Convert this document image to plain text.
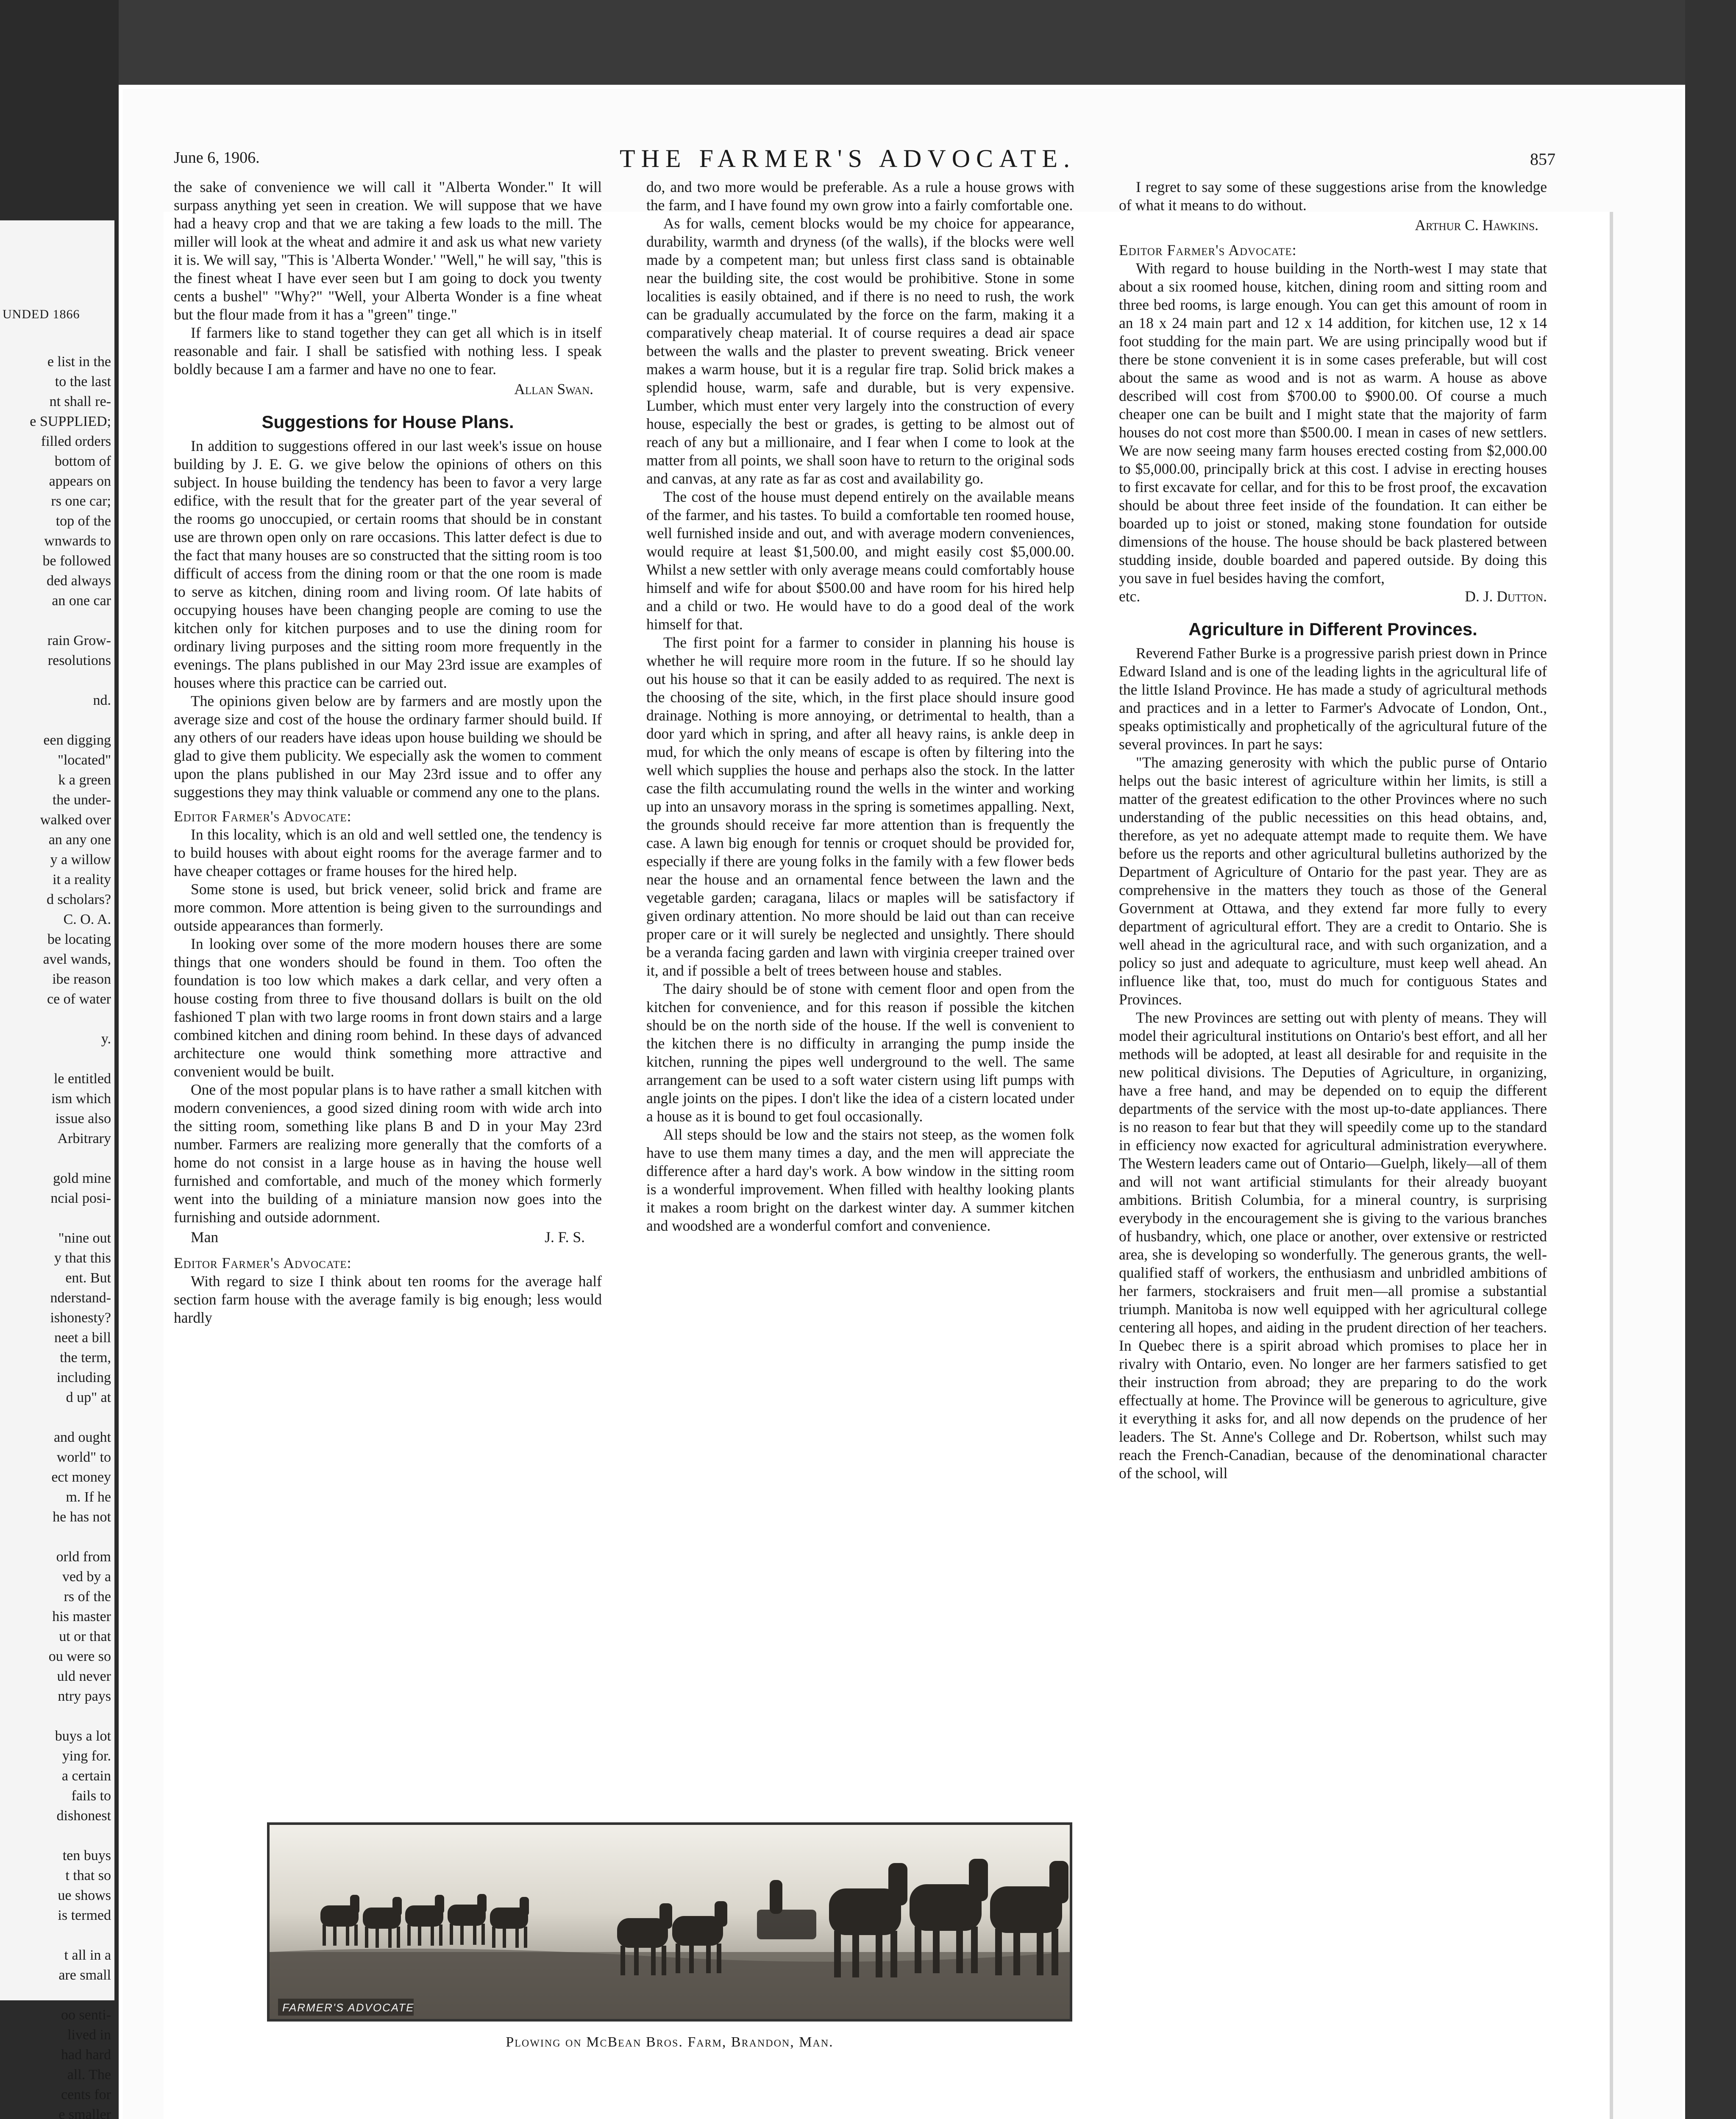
UNDED 1866
e list in the
to the last
nt shall re-
e SUPPLIED;
filled orders
bottom of
appears on
rs one car;
top of the
wnwards to
be followed
ded always
an one car

rain Grow-
resolutions

nd.

een digging
"located"
k a green
the under-
walked over
an any one
y a willow
it a reality
d scholars?
C. O. A.
be locating
avel wands,
ibe reason
ce of water

y.

le entitled
ism which
issue also
Arbitrary

gold mine
ncial posi-

"nine out
y that this
ent. But
nderstand-
ishonesty?
neet a bill
the term,
including
d up" at

and ought
world" to
ect money
m. If he
he has not

orld from
ved by a
rs of the
his master
ut or that
ou were so
uld never
ntry pays

buys a lot
ying for.
a certain
fails to
dishonest

ten buys
t that so
ue shows
is termed

t all in a
are small

oo senti-
lived in
had hard
all. The
cents for
e smaller

THE FARMER'S ADVOCATE.
June 6, 1906.	857

the sake of convenience we will call it "Alberta Wonder." It will surpass anything yet seen in creation. We will suppose that we have had a heavy crop and that we are taking a few loads to the mill. The miller will look at the wheat and admire it and ask us what new variety it is. We will say, "This is 'Alberta Wonder.' "Well," he will say, "this is the finest wheat I have ever seen but I am going to dock you twenty cents a bushel" "Why?" "Well, your Alberta Wonder is a fine wheat but the flour made from it has a "green" tinge."

If farmers like to stand together they can get all which is in itself reasonable and fair. I shall be satisfied with nothing less. I speak boldly because I am a farmer and have no one to fear.

Allan Swan.

Suggestions for House Plans.

In addition to suggestions offered in our last week's issue on house building by J. E. G. we give below the opinions of others on this subject. In house building the tendency has been to favor a very large edifice, with the result that for the greater part of the year several of the rooms go unoccupied, or certain rooms that should be in constant use are thrown open only on rare occasions. This latter defect is due to the fact that many houses are so constructed that the sitting room is too difficult of access from the dining room or that the one room is made to serve as kitchen, dining room and living room. Of late habits of occupying houses have been changing people are coming to use the kitchen only for kitchen purposes and to use the dining room for ordinary living purposes and the sitting room more frequently in the evenings. The plans published in our May 23rd issue are examples of houses where this practice can be carried out.

The opinions given below are by farmers and are mostly upon the average size and cost of the house the ordinary farmer should build. If any others of our readers have ideas upon house building we should be glad to give them publicity. We especially ask the women to comment upon the plans published in our May 23rd issue and to offer any suggestions they may think valuable or commend any one to the plans.

Editor Farmer's Advocate:

In this locality, which is an old and well settled one, the tendency is to build houses with about eight rooms for the average farmer and to have cheaper cottages or frame houses for the hired help.

Some stone is used, but brick veneer, solid brick and frame are more common. More attention is being given to the surroundings and outside appearances than formerly.

In looking over some of the more modern houses there are some things that one wonders should be found in them. Too often the foundation is too low which makes a dark cellar, and very often a house costing from three to five thousand dollars is built on the old fashioned T plan with two large rooms in front down stairs and a large combined kitchen and dining room behind. In these days of advanced architecture one would think something more attractive and convenient would be built.

One of the most popular plans is to have rather a small kitchen with modern conveniences, a good sized dining room with wide arch into the sitting room, something like plans B and D in your May 23rd number. Farmers are realizing more generally that the comforts of a home do not consist in a large house as in having the house well furnished and comfortable, and much of the money which formerly went into the building of a miniature mansion now goes into the furnishing and outside adornment.

Man	J. F. S.

Editor Farmer's Advocate:

With regard to size I think about ten rooms for the average half section farm house with the average family is big enough; less would hardly

do, and two more would be preferable. As a rule a house grows with the farm, and I have found my own grow into a fairly comfortable one.

As for walls, cement blocks would be my choice for appearance, durability, warmth and dryness (of the walls), if the blocks were well made by a competent man; but unless first class sand is obtainable near the building site, the cost would be prohibitive. Stone in some localities is easily obtained, and if there is no need to rush, the work can be gradually accumulated by the force on the farm, making it a comparatively cheap material. It of course requires a dead air space between the walls and the plaster to prevent sweating. Brick veneer makes a warm house, but it is a regular fire trap. Solid brick makes a splendid house, warm, safe and durable, but is very expensive. Lumber, which must enter very largely into the construction of every house, especially the best or grades, is getting to be almost out of reach of any but a millionaire, and I fear when I come to look at the matter from all points, we shall soon have to return to the original sods and canvas, at any rate as far as cost and availability go.

The cost of the house must depend entirely on the available means of the farmer, and his tastes. To build a comfortable ten roomed house, well furnished inside and out, and with average modern conveniences, would require at least $1,500.00, and might easily cost $5,000.00. Whilst a new settler with only average means could comfortably house himself and wife for about $500.00 and have room for his hired help and a child or two. He would have to do a good deal of the work himself for that.

The first point for a farmer to consider in planning his house is whether he will require more room in the future. If so he should lay out his house so that it can be easily added to as required. The next is the choosing of the site, which, in the first place should insure good drainage. Nothing is more annoying, or detrimental to health, than a door yard which in spring, and after all heavy rains, is ankle deep in mud, for which the only means of escape is often by filtering into the well which supplies the house and perhaps also the stock. In the latter case the filth accumulating round the wells in the winter and working up into an unsavory morass in the spring is sometimes appalling. Next, the grounds should receive far more attention than is frequently the case. A lawn big enough for tennis or croquet should be provided for, especially if there are young folks in the family with a few flower beds near the house and an ornamental fence between the lawn and the vegetable garden; caragana, lilacs or maples will be satisfactory if given ordinary attention. No more should be laid out than can receive proper care or it will surely be neglected and unsightly. There should be a veranda facing garden and lawn with virginia creeper trained over it, and if possible a belt of trees between house and stables.

The dairy should be of stone with cement floor and open from the kitchen for convenience, and for this reason if possible the kitchen should be on the north side of the house. If the well is convenient to the kitchen there is no difficulty in arranging the pump inside the kitchen, running the pipes well underground to the well. The same arrangement can be used to a soft water cistern using lift pumps with angle joints on the pipes. I don't like the idea of a cistern located under a house as it is bound to get foul occasionally.

All steps should be low and the stairs not steep, as the women folk have to use them many times a day, and the men will appreciate the difference after a hard day's work. A bow window in the sitting room is a wonderful improvement. When filled with healthy looking plants it makes a room bright on the darkest winter day. A summer kitchen and woodshed are a wonderful comfort and convenience.

I regret to say some of these suggestions arise from the knowledge of what it means to do without.

Arthur C. Hawkins.

Editor Farmer's Advocate:

With regard to house building in the North-west I may state that about a six roomed house, kitchen, dining room and sitting room and three bed rooms, is large enough. You can get this amount of room in an 18 x 24 main part and 12 x 14 addition, for kitchen use, 12 x 14 foot studding for the main part. We are using principally wood but if there be stone convenient it is in some cases preferable, but will cost about the same as wood and is not as warm. A house as above described will cost from $700.00 to $900.00. Of course a much cheaper one can be built and I might state that the majority of farm houses do not cost more than $500.00. I mean in cases of new settlers. We are now seeing many farm houses erected costing from $2,000.00 to $5,000.00, principally brick at this cost. I advise in erecting houses to first excavate for cellar, and for this to be frost proof, the excavation should be about three feet inside of the foundation. It can either be boarded up to joist or stoned, making stone foundation for outside dimensions of the house. The house should be back plastered between studding inside, double boarded and papered outside. By doing this you save in fuel besides having the comfort,

etc.	D. J. Dutton.
Agriculture in Different Provinces.

Reverend Father Burke is a progressive parish priest down in Prince Edward Island and is one of the leading lights in the agricultural life of the little Island Province. He has made a study of agricultural methods and practices and in a letter to Farmer's Advocate of London, Ont., speaks optimistically and prophetically of the agricultural future of the several provinces. In part he says:

"The amazing generosity with which the public purse of Ontario helps out the basic interest of agriculture within her limits, is still a matter of the greatest edification to the other Provinces where no such understanding of the public necessities on this head obtains, and, therefore, as yet no adequate attempt made to requite them. We have before us the reports and other agricultural bulletins authorized by the Department of Agriculture of Ontario for the past year. They are as comprehensive in the matters they touch as those of the General Government at Ottawa, and they extend far more fully to every department of agricultural effort. They are a credit to Ontario. She is well ahead in the agricultural race, and with such organization, and a policy so just and adequate to agriculture, must keep well ahead. An influence like that, too, must do much for contiguous States and Provinces.

The new Provinces are setting out with plenty of means. They will model their agricultural institutions on Ontario's best effort, and all her methods will be adopted, at least all desirable for and requisite in the new political divisions. The Deputies of Agriculture, in organizing, have a free hand, and may be depended on to equip the different departments of the service with the most up-to-date appliances. There is no reason to fear but that they will speedily come up to the standard in efficiency now exacted for agricultural administration everywhere. The Western leaders came out of Ontario—Guelph, likely—all of them and will not want artificial stimulants for their already buoyant ambitions. British Columbia, for a mineral country, is surprising everybody in the encouragement she is giving to the various branches of husbandry, which, one place or another, over extensive or restricted area, she is developing so wonderfully. The generous grants, the well-qualified staff of workers, the enthusiasm and unbridled ambitions of her farmers, stockraisers and fruit men—all promise a substantial triumph. Manitoba is now well equipped with her agricultural college centering all hopes, and aiding in the prudent direction of her teachers. In Quebec there is a spirit abroad which promises to place her in rivalry with Ontario, even. No longer are her farmers satisfied to get their instruction from abroad; they are preparing to do the work effectually at home. The Province will be generous to agriculture, give it everything it asks for, and all now depends on the prudence of her leaders. The St. Anne's College and Dr. Robertson, whilst such may reach the French-Canadian, because of the denominational character of the school, will

FARMER'S ADVOCATE
Plowing on McBean Bros. Farm, Brandon, Man.
